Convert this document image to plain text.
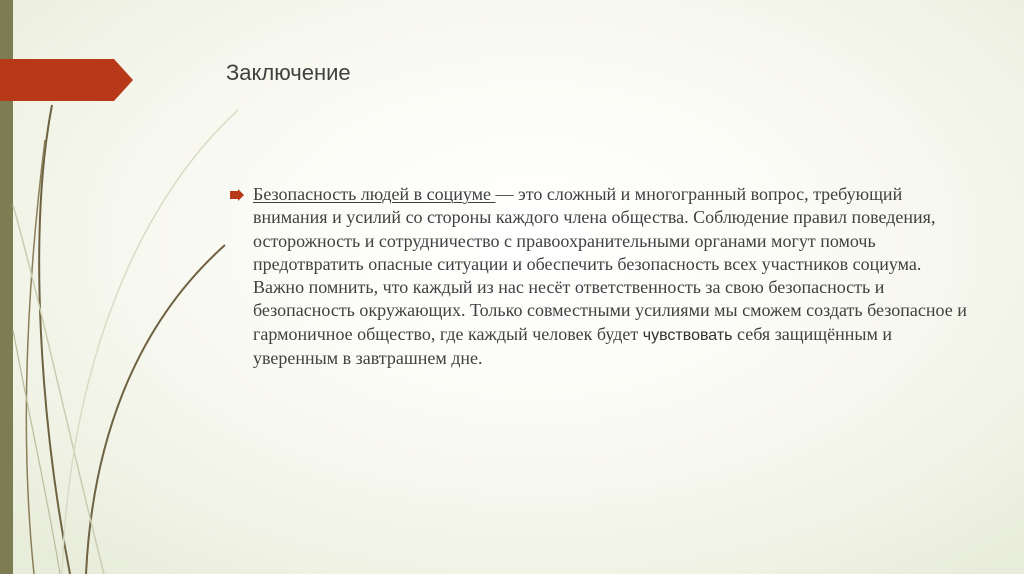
Заключение
Безопасность людей в социуме — это сложный и многогранный вопрос, требующий внимания и усилий со стороны каждого члена общества. Соблюдение правил поведения, осторожность и сотрудничество с правоохранительными органами могут помочь предотвратить опасные ситуации и обеспечить безопасность всех участников социума. Важно помнить, что каждый из нас несёт ответственность за свою безопасность и безопасность окружающих. Только совместными усилиями мы сможем создать безопасное и гармоничное общество, где каждый человек будет чувствовать себя защищённым и уверенным в завтрашнем дне.
